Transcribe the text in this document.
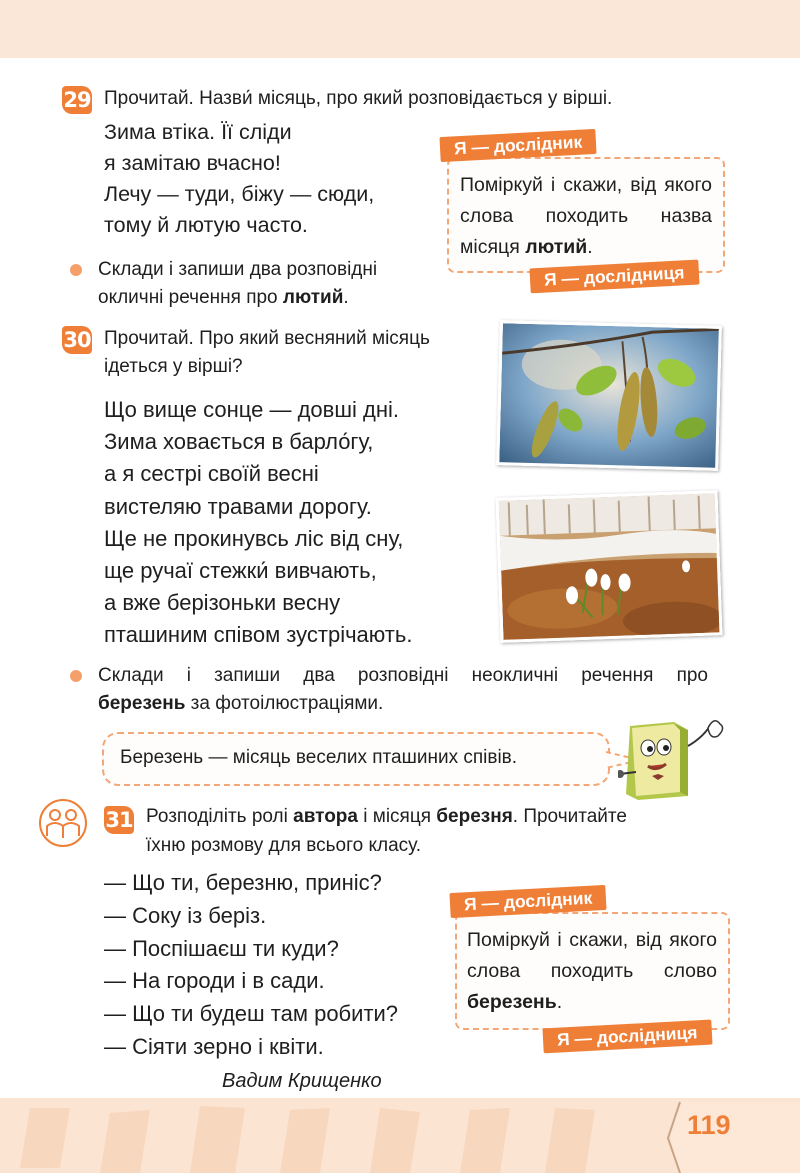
29 Прочитай. Назви́ місяць, про який розповідається у вірші.
Зима втіка. Її сліди
я замітаю вчасно!
Лечу — туди, біжу — сюди,
тому й лютую часто.
Поміркуй і скажи, від якого слова походить назва місяця лютий.
Я — дослідник
Я — дослідниця
Склади і запиши два розповідні
окличні речення про лютий.
30 Прочитай. Про який весняний місяць
ідеться у вірші?
Що вище сонце — довші дні.
Зима ховається в барло́гу,
а я сестрі своїй весні
вистеляю травами дорогу.
Ще не прокинувсь ліс від сну,
ще ручаї стежки́ вивчають,
а вже берізоньки весну
пташиним співом зустрічають.
Склади і запиши два розповідні неокличні речення про
березень за фотоілюстраціями.
Березень — місяць веселих пташиних співів.
31 Розподіліть ролі автора і місяця березня. Прочитайте
їхню розмову для всього класу.
— Що ти, березню, приніс?
— Соку із беріз.
— Поспішаєш ти куди?
— На городи і в сади.
— Що ти будеш там робити?
— Сіяти зерно і квіти.
Вадим Крищенко
Поміркуй і скажи, від якого слова походить слово березень.
Я — дослідник
Я — дослідниця
119
